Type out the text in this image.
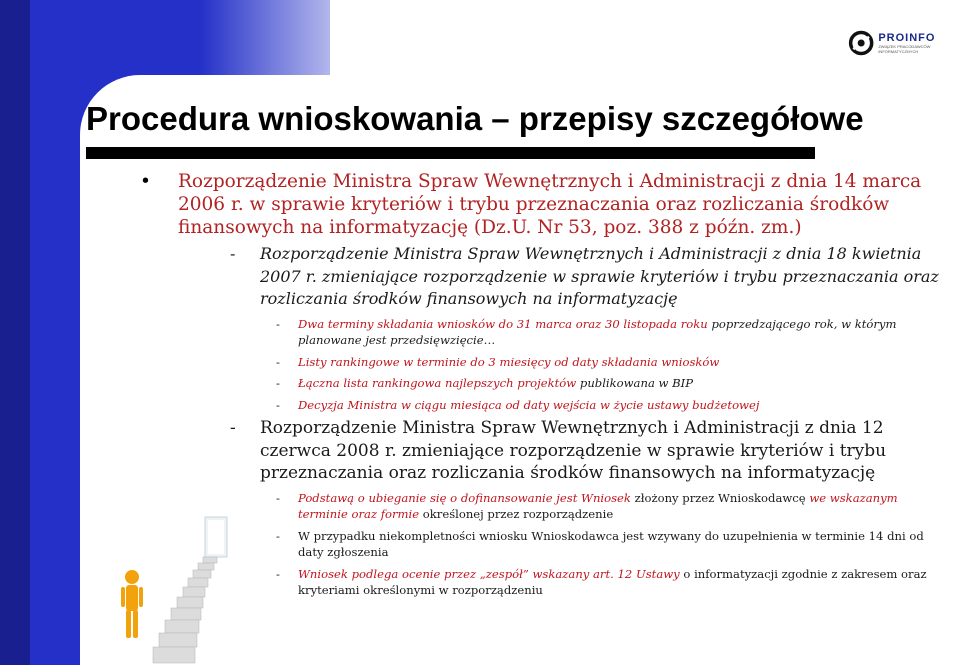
PROINFO
ZWIĄZEK PRACODAWCÓW INFORMATYCZNYCH
Procedura wnioskowania – przepisy szczegółowe
• Rozporządzenie Ministra Spraw Wewnętrznych i Administracji z dnia 14 marca 2006 r. w sprawie kryteriów i trybu przeznaczania oraz rozliczania środków finansowych na informatyzację (Dz.U. Nr 53, poz. 388 z późn. zm.)
- Rozporządzenie Ministra Spraw Wewnętrznych i Administracji z dnia 18 kwietnia 2007 r. zmieniające rozporządzenie w sprawie kryteriów i trybu przeznaczania oraz rozliczania środków finansowych na informatyzację
- Dwa terminy składania wniosków do 31 marca oraz 30 listopada roku poprzedzającego rok, w którym planowane jest przedsięwzięcie…
- Listy rankingowe w terminie do 3 miesięcy od daty składania wniosków
- Łączna lista rankingowa najlepszych projektów publikowana w BIP
- Decyzja Ministra w ciągu miesiąca od daty wejścia w życie ustawy budżetowej
- Rozporządzenie Ministra Spraw Wewnętrznych i Administracji z dnia 12 czerwca 2008 r. zmieniające rozporządzenie w sprawie kryteriów i trybu przeznaczania oraz rozliczania środków finansowych na informatyzację
- Podstawą o ubieganie się o dofinansowanie jest Wniosek złożony przez Wnioskodawcę we wskazanym terminie oraz formie określonej przez rozporządzenie
- W przypadku niekompletności wniosku Wnioskodawca jest wzywany do uzupełnienia w terminie 14 dni od daty zgłoszenia
- Wniosek podlega ocenie przez „zespół” wskazany art. 12 Ustawy o informatyzacji zgodnie z zakresem oraz kryteriami określonymi w rozporządzeniu
